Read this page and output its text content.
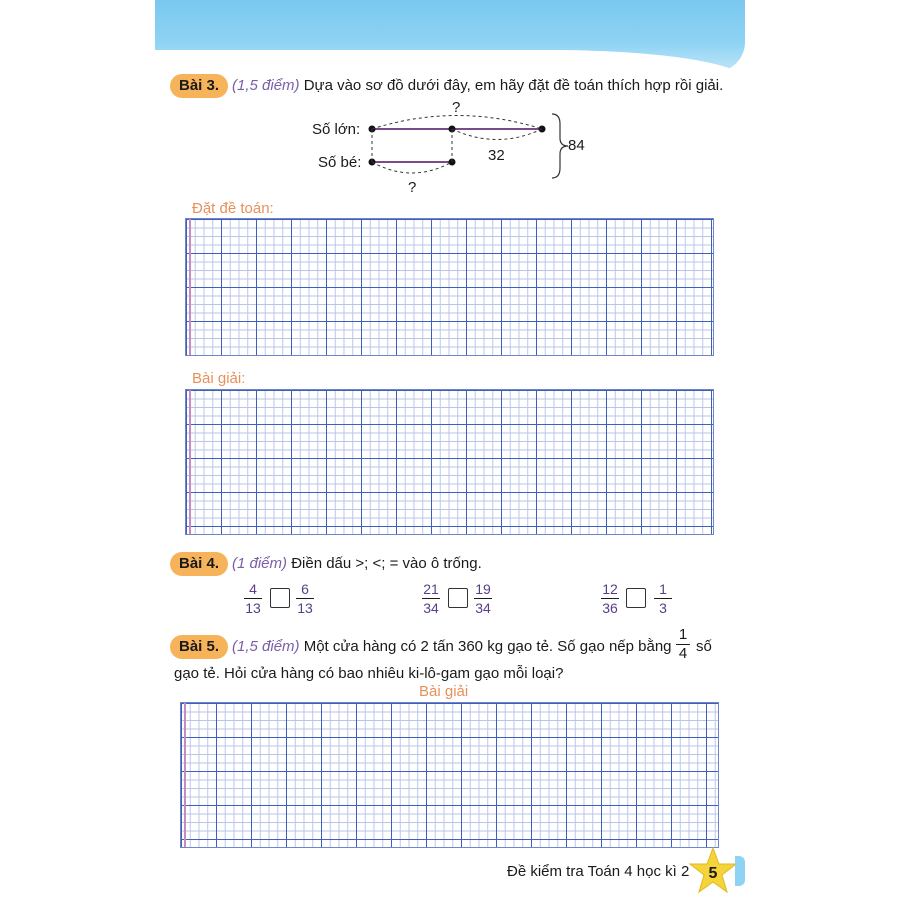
Bài 3. (1,5 điểm) Dựa vào sơ đồ dưới đây, em hãy đặt đề toán thích hợp rồi giải.
Số lớn:
Số bé:
?
?
32
84
Đặt đề toán:
Bài giải:
Bài 4. (1 điểm) Điền dấu >; <; = vào ô trống.
4
13
6
13
21
34
19
34
12
36
1
3
Bài 5. (1,5 điểm) Một cửa hàng có 2 tấn 360 kg gạo tẻ. Số gạo nếp bằng
1
4 số
gạo tẻ. Hỏi cửa hàng có bao nhiêu ki-lô-gam gạo mỗi loại?
Bài giải
Đề kiểm tra Toán 4 học kì 2 5
